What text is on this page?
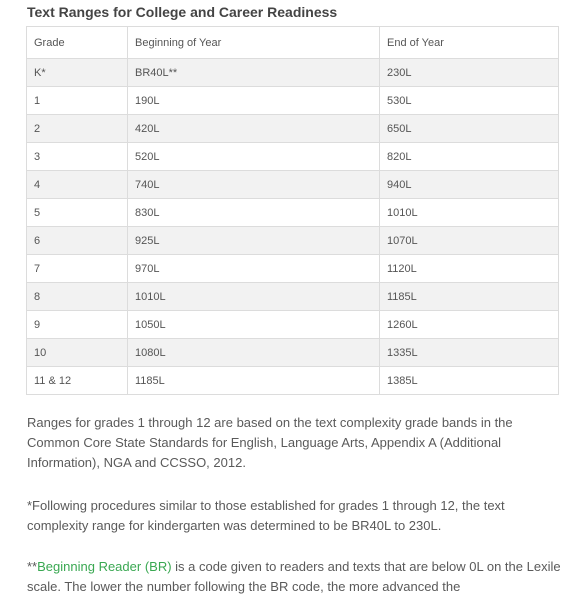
Text Ranges for College and Career Readiness
Grade	Beginning of Year	End of Year
K*	BR40L**	230L
1	190L	530L
2	420L	650L
3	520L	820L
4	740L	940L
5	830L	1010L
6	925L	1070L
7	970L	1120L
8	1010L	1185L
9	1050L	1260L
10	1080L	1335L
11 & 12	1185L	1385L

Ranges for grades 1 through 12 are based on the text complexity grade bands in the Common Core State Standards for English, Language Arts, Appendix A (Additional Information), NGA and CCSSO, 2012.

*Following procedures similar to those established for grades 1 through 12, the text complexity range for kindergarten was determined to be BR40L to 230L.

**Beginning Reader (BR) is a code given to readers and texts that are below 0L on the Lexile scale. The lower the number following the BR code, the more advanced the
